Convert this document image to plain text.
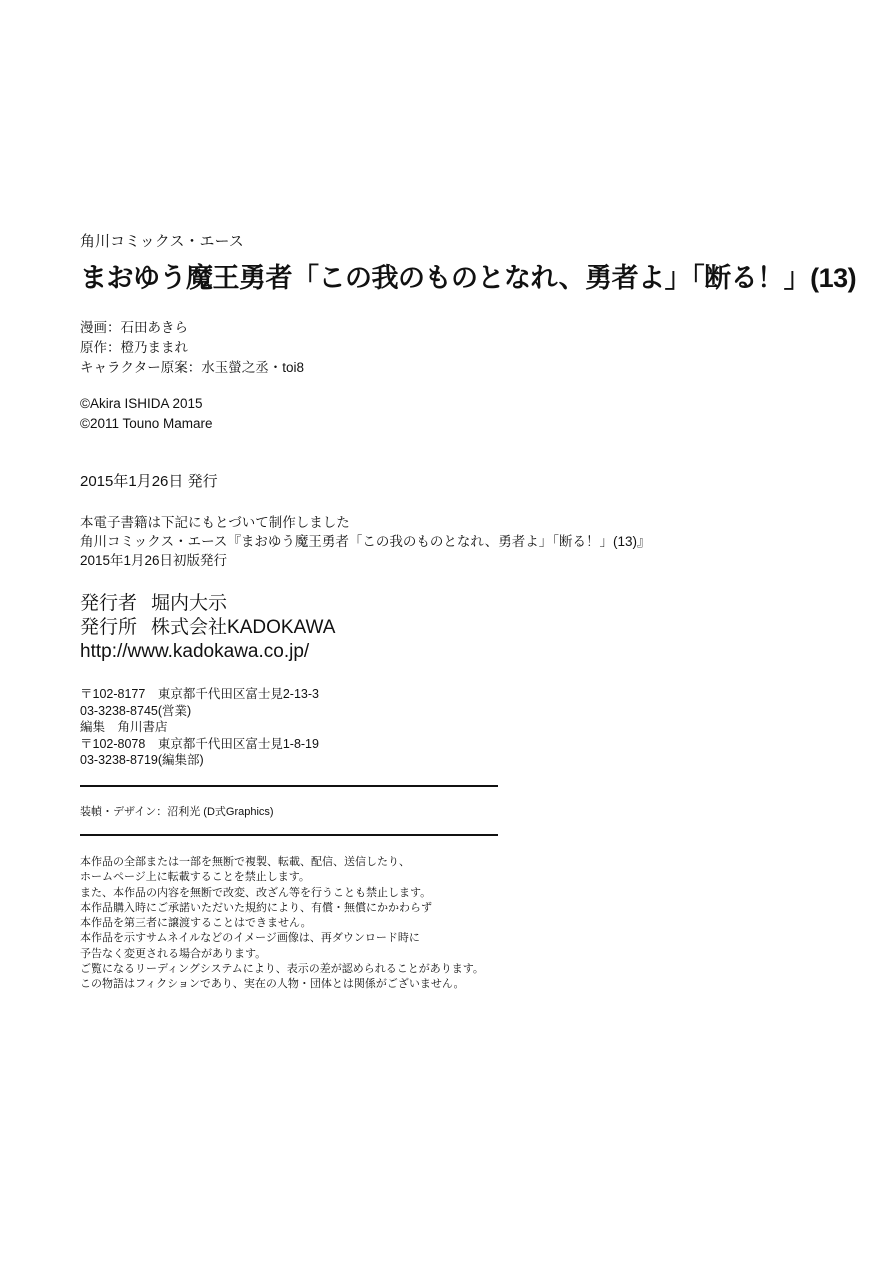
角川コミックス・エース
まおゆう魔王勇者「この我のものとなれ、勇者よ」「断る！」(13)
漫画：石田あきら
原作：橙乃ままれ
キャラクター原案：水玉螢之丞・toi8
©Akira ISHIDA 2015
©2011 Touno Mamare
2015年1月26日 発行
本電子書籍は下記にもとづいて制作しました
角川コミックス・エース『まおゆう魔王勇者「この我のものとなれ、勇者よ」「断る！」(13)』
2015年1月26日初版発行
発行者 堀内大示
発行所 株式会社KADOKAWA
http://www.kadokawa.co.jp/
〒102-8177　東京都千代田区富士見2-13-3
03-3238-8745(営業)
編集　角川書店
〒102-8078　東京都千代田区富士見1-8-19
03-3238-8719(編集部)
装幀・デザイン：沼利光 (D式Graphics)
本作品の全部または一部を無断で複製、転載、配信、送信したり、
ホームページ上に転載することを禁止します。
また、本作品の内容を無断で改変、改ざん等を行うことも禁止します。
本作品購入時にご承諾いただいた規約により、有償・無償にかかわらず
本作品を第三者に譲渡することはできません。
本作品を示すサムネイルなどのイメージ画像は、再ダウンロード時に
予告なく変更される場合があります。
ご覧になるリーディングシステムにより、表示の差が認められることがあります。
この物語はフィクションであり、実在の人物・団体とは関係がございません。
